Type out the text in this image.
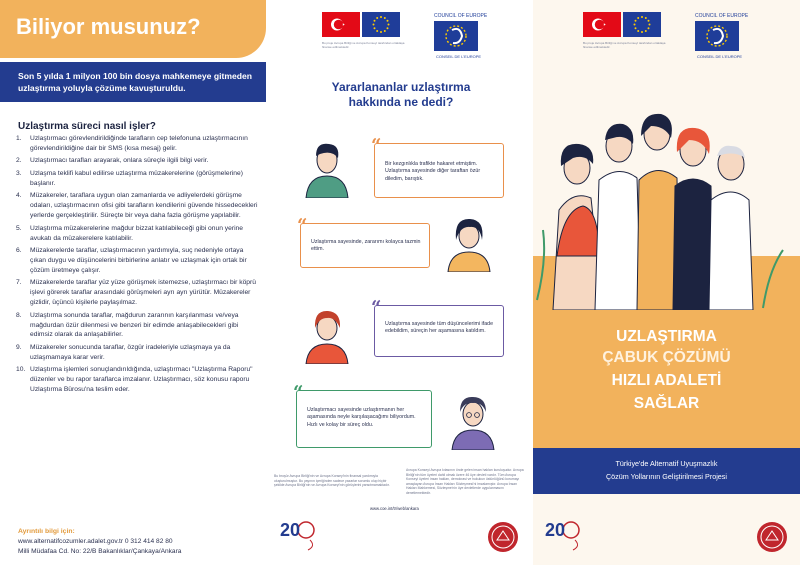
Biliyor musunuz?
Son 5 yılda 1 milyon 100 bin dosya mahkemeye gitmeden uzlaştırma yoluyla çözüme kavuşturuldu.
Uzlaştırma süreci nasıl işler?
1. Uzlaştırmacı görevlendirildiğinde tarafların cep telefonuna uzlaştırmacının görevlendirildiğine dair bir SMS (kısa mesaj) gelir.
2. Uzlaştırmacı tarafları arayarak, onlara süreçle ilgili bilgi verir.
3. Uzlaşma teklifi kabul edilirse uzlaştırma müzakerelerine (görüşmelerine) başlanır.
4. Müzakereler, taraflara uygun olan zamanlarda ve adliyelerdeki görüşme odaları, uzlaştırmacının ofisi gibi tarafların kendilerini güvende hissedecekleri yerlerde gerçekleştirilir. Süreçte bir veya daha fazla görüşme yapılabilir.
5. Uzlaştırma müzakerelerine mağdur bizzat katılabileceği gibi onun yerine avukatı da müzakerelere katılabilir.
6. Müzakerelerde taraflar, uzlaştırmacının yardımıyla, suç nedeniyle ortaya çıkan duygu ve düşüncelerini birbirlerine anlatır ve uzlaşmak için ortak bir çözüm üretmeye çalışır.
7. Müzakerelerde taraflar yüz yüze görüşmek istemezse, uzlaştırmacı bir köprü işlevi görerek taraflar arasındaki görüşmeleri ayrı ayrı yürütür. Müzakereler gizlidir, üçüncü kişilerle paylaşılmaz.
8. Uzlaştırma sonunda taraflar, mağdurun zararının karşılanması ve/veya mağdurdan özür dilenmesi ve benzeri bir edimde anlaşabilecekleri gibi edimsiz olarak da anlaşabilirler.
9. Müzakereler sonucunda taraflar, özgür iradeleriyle uzlaşmaya ya da uzlaşmamaya karar verir.
10. Uzlaştırma işlemleri sonuçlandırıldığında, uzlaştırmacı "Uzlaştırma Raporu" düzenler ve bu rapor taraflarca imzalanır. Uzlaştırmacı, söz konusu raporu Uzlaştırma Bürosu'na teslim eder.
Ayrıntılı bilgi için:
www.alternatifcozumler.adalet.gov.tr 0 312 414 82 80
Milli Müdafaa Cd. No: 22/B Bakanlıklar/Çankaya/Ankara
Bu proje Avrupa Birliği ve Avrupa Konseyi tarafından ortaklaşa finanse edilmektedir.
COUNCIL OF EUROPE
CONSEIL DE L'EUROPE
Yararlananlar uzlaştırma hakkında ne dedi?
“
Bir kezgınlıkla trafikte hakaret etmiştim. Uzlaştırma sayesinde diğer taraftan özür diledim, barıştık.
“
Uzlaştırma sayesinde, zararımı kolayca tazmin ettim.
“
Uzlaştırma sayesinde tüm düşüncelerimi ifade edebildim, süreçin her aşamasına katıldım.
“
Uzlaştırmacı sayesinde uzlaştırmanın her aşamasında neyle karşılaşacağımı biliyordum. Hızlı ve kolay bir süreç oldu.
Bu broşür Avrupa Birliği'nin ve Avrupa Konseyi'nin finansal yardımıyla oluşturulmuştur. Bu yayının içeriğinden sadece yazarlar sorumlu olup hiçbir şekilde Avrupa Birliği'nin ve Avrupa Konseyi'nin görüşlerini yansıtmamaktadır.
Avrupa Konseyi Avrupa kıtasının önde gelen insan hakları kuruluşudur. Avrupa Birliği'nin tüm üyeleri dahil olmak üzere 46 üye devleti vardır. Tüm Avrupa Konseyi üyeleri insan hakları, demokrasi ve hukukun üstünlüğünü korumayı amaçlayan Avrupa İnsan Hakları Sözleşmesi'ni imzalamıştır. Avrupa İnsan Hakları Mahkemesi, Sözleşme'nin üye devletlerde uygulanmasını denetlemektedir.
www.coe.int/tr/web/ankara
20
Bu proje Avrupa Birliği ve Avrupa Konseyi tarafından ortaklaşa finanse edilmektedir.
COUNCIL OF EUROPE
CONSEIL DE L'EUROPE
UZLAŞTIRMA
ÇABUK ÇÖZÜMÜ
HIZLI ADALETİ
SAĞLAR
Türkiye'de Alternatif Uyuşmazlık
Çözüm Yollarının Geliştirilmesi Projesi
20
